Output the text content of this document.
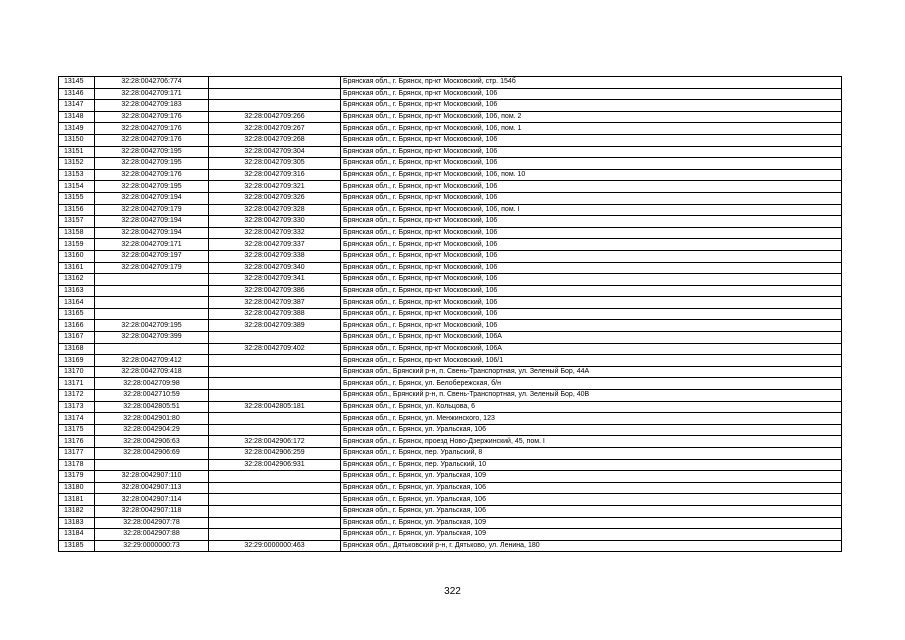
13145	32:28:0042706:774		Брянская обл., г. Брянск, пр-кт Московский, стр. 154б
13146	32:28:0042709:171		Брянская обл., г. Брянск, пр-кт Московский, 106
13147	32:28:0042709:183		Брянская обл., г. Брянск, пр-кт Московский, 106
13148	32:28:0042709:176	32:28:0042709:266	Брянская обл., г. Брянск, пр-кт Московский, 106, пом. 2
13149	32:28:0042709:176	32:28:0042709:267	Брянская обл., г. Брянск, пр-кт Московский, 106, пом. 1
13150	32:28:0042709:176	32:28:0042709:268	Брянская обл., г. Брянск, пр-кт Московский, 106
13151	32:28:0042709:195	32:28:0042709:304	Брянская обл., г. Брянск, пр-кт Московский, 106
13152	32:28:0042709:195	32:28:0042709:305	Брянская обл., г. Брянск, пр-кт Московский, 106
13153	32:28:0042709:176	32:28:0042709:316	Брянская обл., г. Брянск, пр-кт Московский, 106, пом. 10
13154	32:28:0042709:195	32:28:0042709:321	Брянская обл., г. Брянск, пр-кт Московский, 106
13155	32:28:0042709:194	32:28:0042709:326	Брянская обл., г. Брянск, пр-кт Московский, 106
13156	32:28:0042709:179	32:28:0042709:328	Брянская обл., г. Брянск, пр-кт Московский, 106, пом. I
13157	32:28:0042709:194	32:28:0042709:330	Брянская обл., г. Брянск, пр-кт Московский, 106
13158	32:28:0042709:194	32:28:0042709:332	Брянская обл., г. Брянск, пр-кт Московский, 106
13159	32:28:0042709:171	32:28:0042709:337	Брянская обл., г. Брянск, пр-кт Московский, 106
13160	32:28:0042709:197	32:28:0042709:338	Брянская обл., г. Брянск, пр-кт Московский, 106
13161	32:28:0042709:179	32:28:0042709:340	Брянская обл., г. Брянск, пр-кт Московский, 106
13162		32:28:0042709:341	Брянская обл., г. Брянск, пр-кт Московский, 106
13163		32:28:0042709:386	Брянская обл., г. Брянск, пр-кт Московский, 106
13164		32:28:0042709:387	Брянская обл., г. Брянск, пр-кт Московский, 106
13165		32:28:0042709:388	Брянская обл., г. Брянск, пр-кт Московский, 106
13166	32:28:0042709:195	32:28:0042709:389	Брянская обл., г. Брянск, пр-кт Московский, 106
13167	32:28:0042709:399		Брянская обл., г. Брянск, пр-кт Московский, 106А
13168		32:28:0042709:402	Брянская обл., г. Брянск, пр-кт Московский, 106А
13169	32:28:0042709:412		Брянская обл., г. Брянск, пр-кт Московский, 106/1
13170	32:28:0042709:418		Брянская обл., Брянский р-н, п. Свень-Транспортная, ул. Зеленый Бор, 44А
13171	32:28:0042709:98		Брянская обл., г. Брянск, ул. Белобережская, б/н
13172	32:28:0042710:59		Брянская обл., Брянский р-н, п. Свень-Транспортная, ул. Зеленый Бор, 40В
13173	32:28:0042805:51	32:28:0042805:181	Брянская обл., г. Брянск, ул. Кольцова, 6
13174	32:28:0042901:80		Брянская обл., г. Брянск, ул. Менжинского, 123
13175	32:28:0042904:29		Брянская обл., г. Брянск, ул. Уральская, 106
13176	32:28:0042906:63	32:28:0042906:172	Брянская обл., г. Брянск, проезд Ново-Дзержинский, 45, пом. I
13177	32:28:0042906:69	32:28:0042906:259	Брянская обл., г. Брянск, пер. Уральский, 8
13178		32:28:0042906:931	Брянская обл., г. Брянск, пер. Уральский, 10
13179	32:28:0042907:110		Брянская обл., г. Брянск, ул. Уральская, 109
13180	32:28:0042907:113		Брянская обл., г. Брянск, ул. Уральская, 106
13181	32:28:0042907:114		Брянская обл., г. Брянск, ул. Уральская, 106
13182	32:28:0042907:118		Брянская обл., г. Брянск, ул. Уральская, 106
13183	32:28:0042907:78		Брянская обл., г. Брянск, ул. Уральская, 109
13184	32:28:0042907:88		Брянская обл., г. Брянск, ул. Уральская, 109
13185	32:29:0000000:73	32:29:0000000:463	Брянская обл., Дятьковский р-н, г. Дятьково, ул. Ленина, 180
322
